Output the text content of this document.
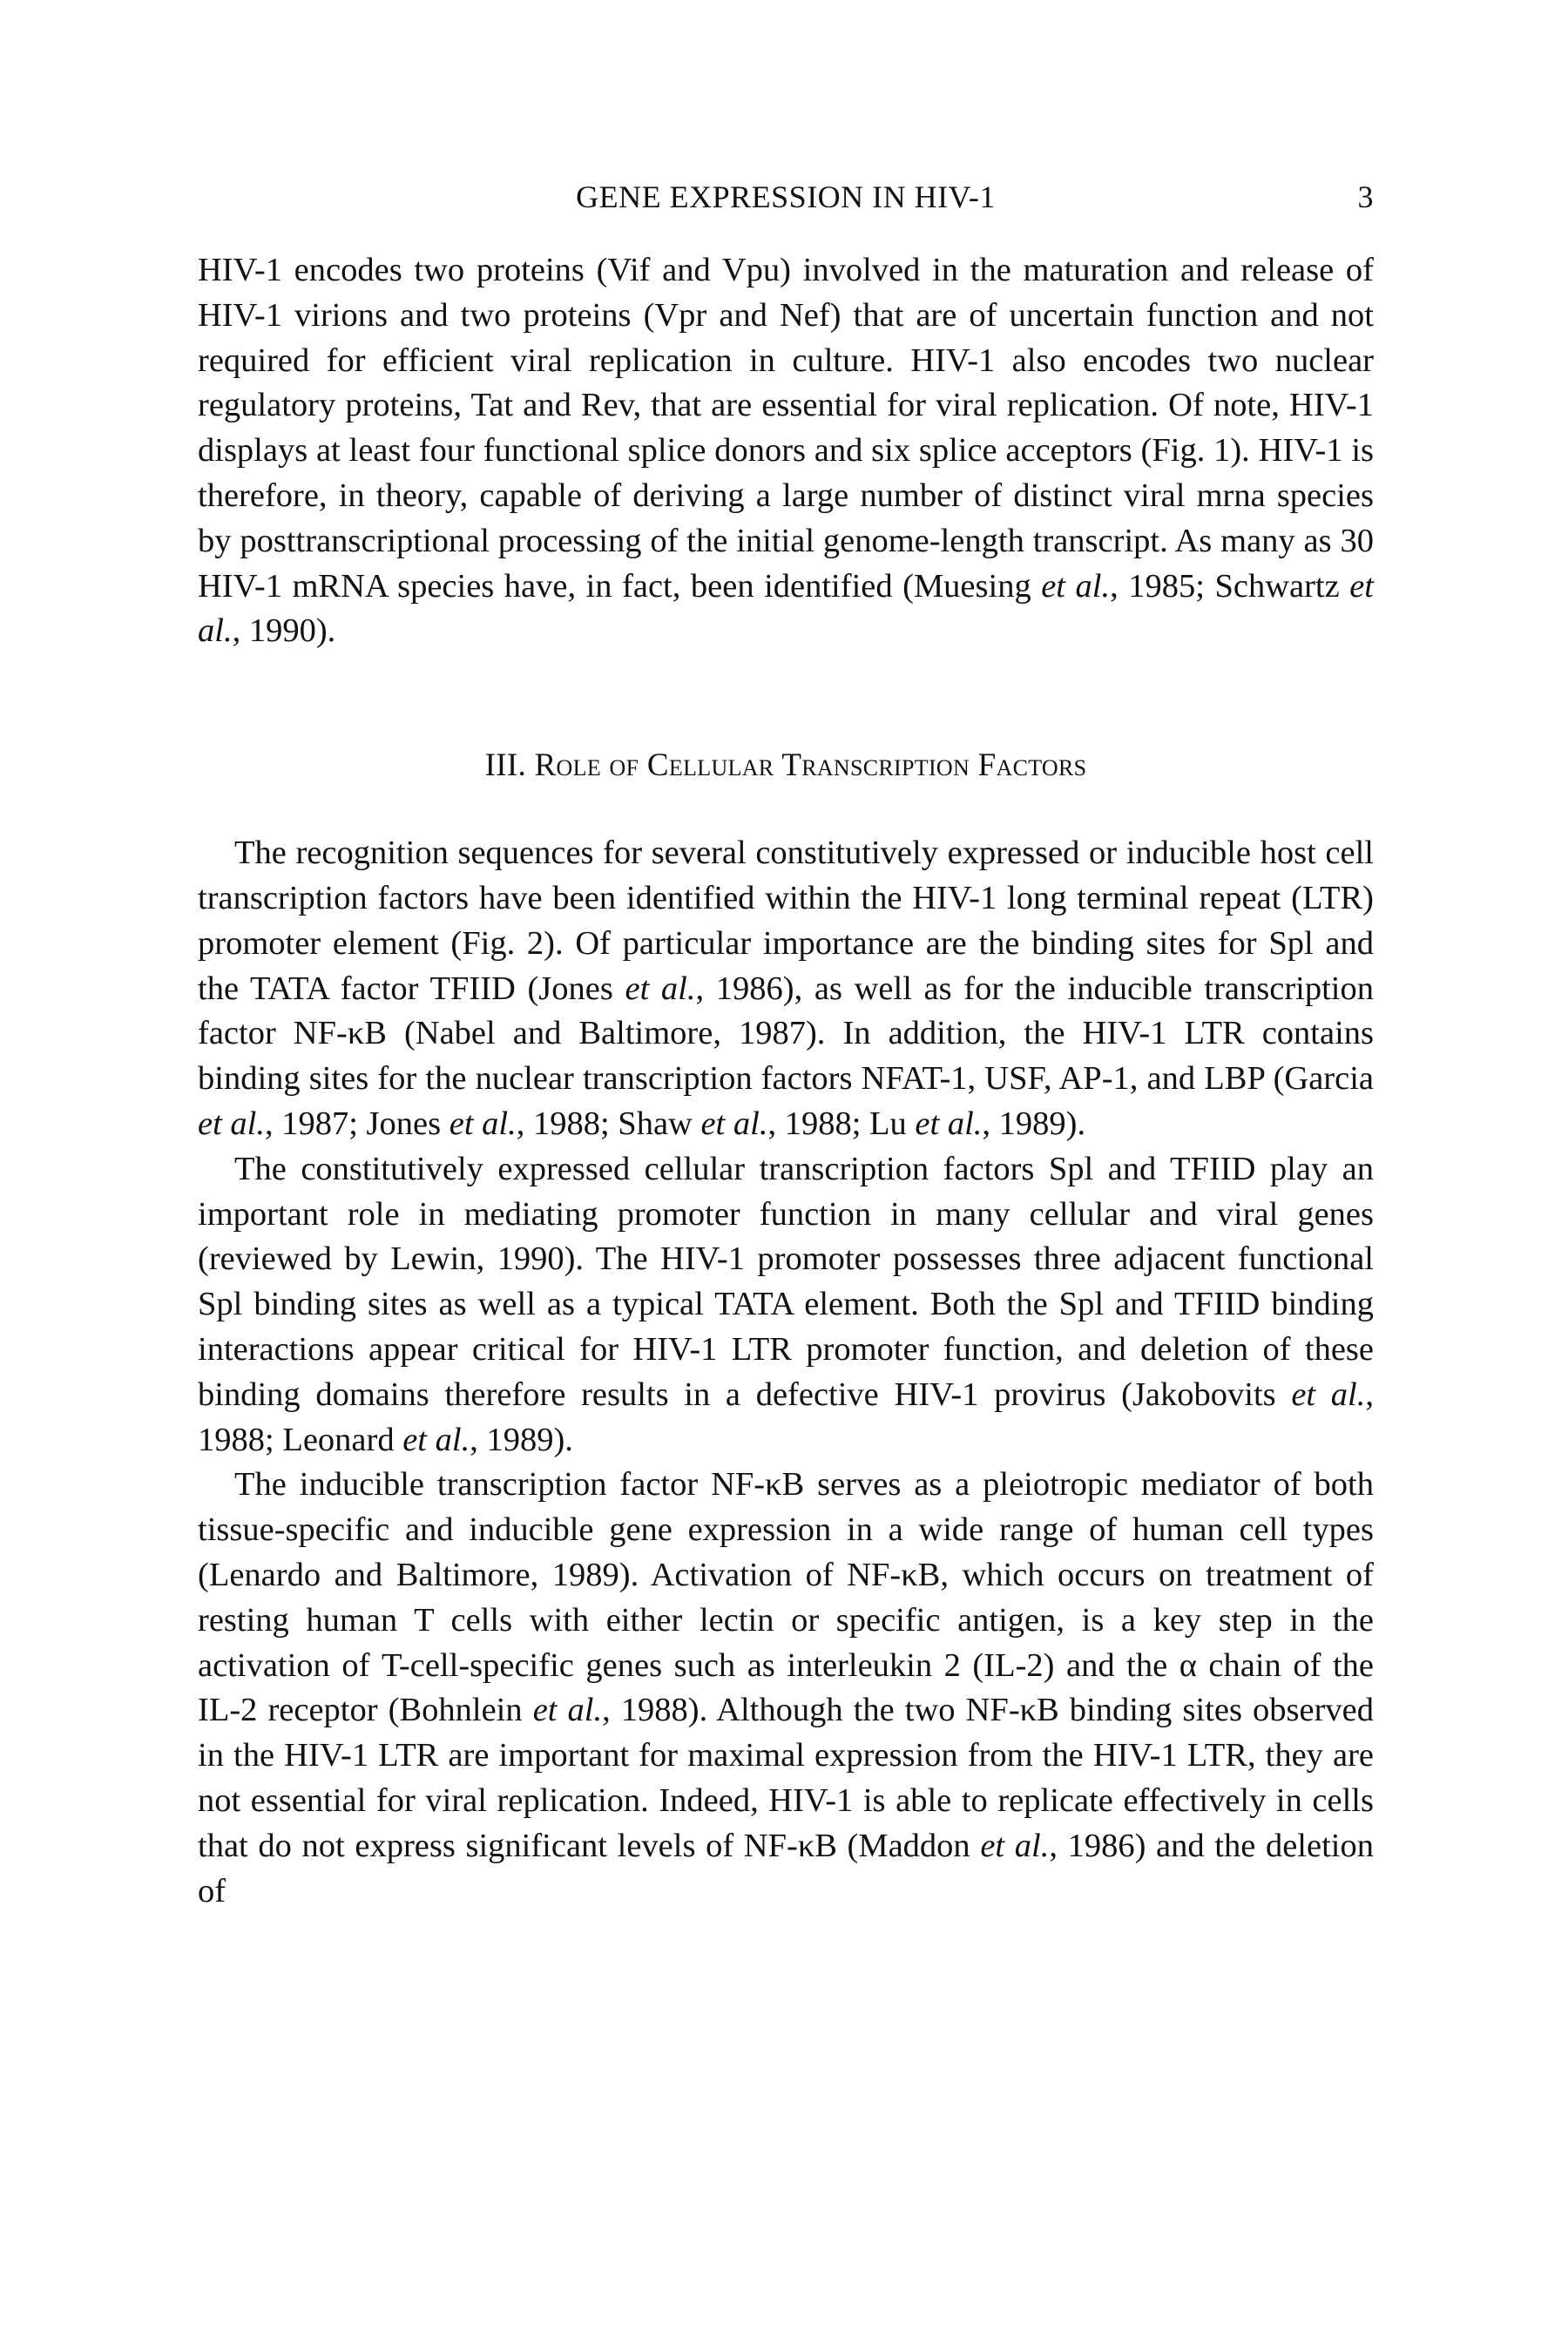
GENE EXPRESSION IN HIV-1	3

HIV-1 encodes two proteins (Vif and Vpu) involved in the maturation and release of HIV-1 virions and two proteins (Vpr and Nef) that are of uncertain function and not required for efficient viral replication in culture. HIV-1 also encodes two nuclear regulatory proteins, Tat and Rev, that are essential for viral replication. Of note, HIV-1 displays at least four functional splice donors and six splice acceptors (Fig. 1). HIV-1 is therefore, in theory, capable of deriving a large number of distinct viral mrna species by posttranscriptional processing of the initial genome-length transcript. As many as 30 HIV-1 mRNA species have, in fact, been identified (Muesing et al., 1985; Schwartz et al., 1990).

III. Role of Cellular Transcription Factors

The recognition sequences for several constitutively expressed or inducible host cell transcription factors have been identified within the HIV-1 long terminal repeat (LTR) promoter element (Fig. 2). Of particular importance are the binding sites for Spl and the TATA factor TFIID (Jones et al., 1986), as well as for the inducible transcription factor NF-κB (Nabel and Baltimore, 1987). In addition, the HIV-1 LTR contains binding sites for the nuclear transcription factors NFAT-1, USF, AP-1, and LBP (Garcia et al., 1987; Jones et al., 1988; Shaw et al., 1988; Lu et al., 1989).

The constitutively expressed cellular transcription factors Spl and TFIID play an important role in mediating promoter function in many cellular and viral genes (reviewed by Lewin, 1990). The HIV-1 promoter possesses three adjacent functional Spl binding sites as well as a typical TATA element. Both the Spl and TFIID binding interactions appear critical for HIV-1 LTR promoter function, and deletion of these binding domains therefore results in a defective HIV-1 provirus (Jakobovits et al., 1988; Leonard et al., 1989).

The inducible transcription factor NF-κB serves as a pleiotropic mediator of both tissue-specific and inducible gene expression in a wide range of human cell types (Lenardo and Baltimore, 1989). Activation of NF-κB, which occurs on treatment of resting human T cells with either lectin or specific antigen, is a key step in the activation of T-cell-specific genes such as interleukin 2 (IL-2) and the α chain of the IL-2 receptor (Bohnlein et al., 1988). Although the two NF-κB binding sites observed in the HIV-1 LTR are important for maximal expression from the HIV-1 LTR, they are not essential for viral replication. Indeed, HIV-1 is able to replicate effectively in cells that do not express significant levels of NF-κB (Maddon et al., 1986) and the deletion of
